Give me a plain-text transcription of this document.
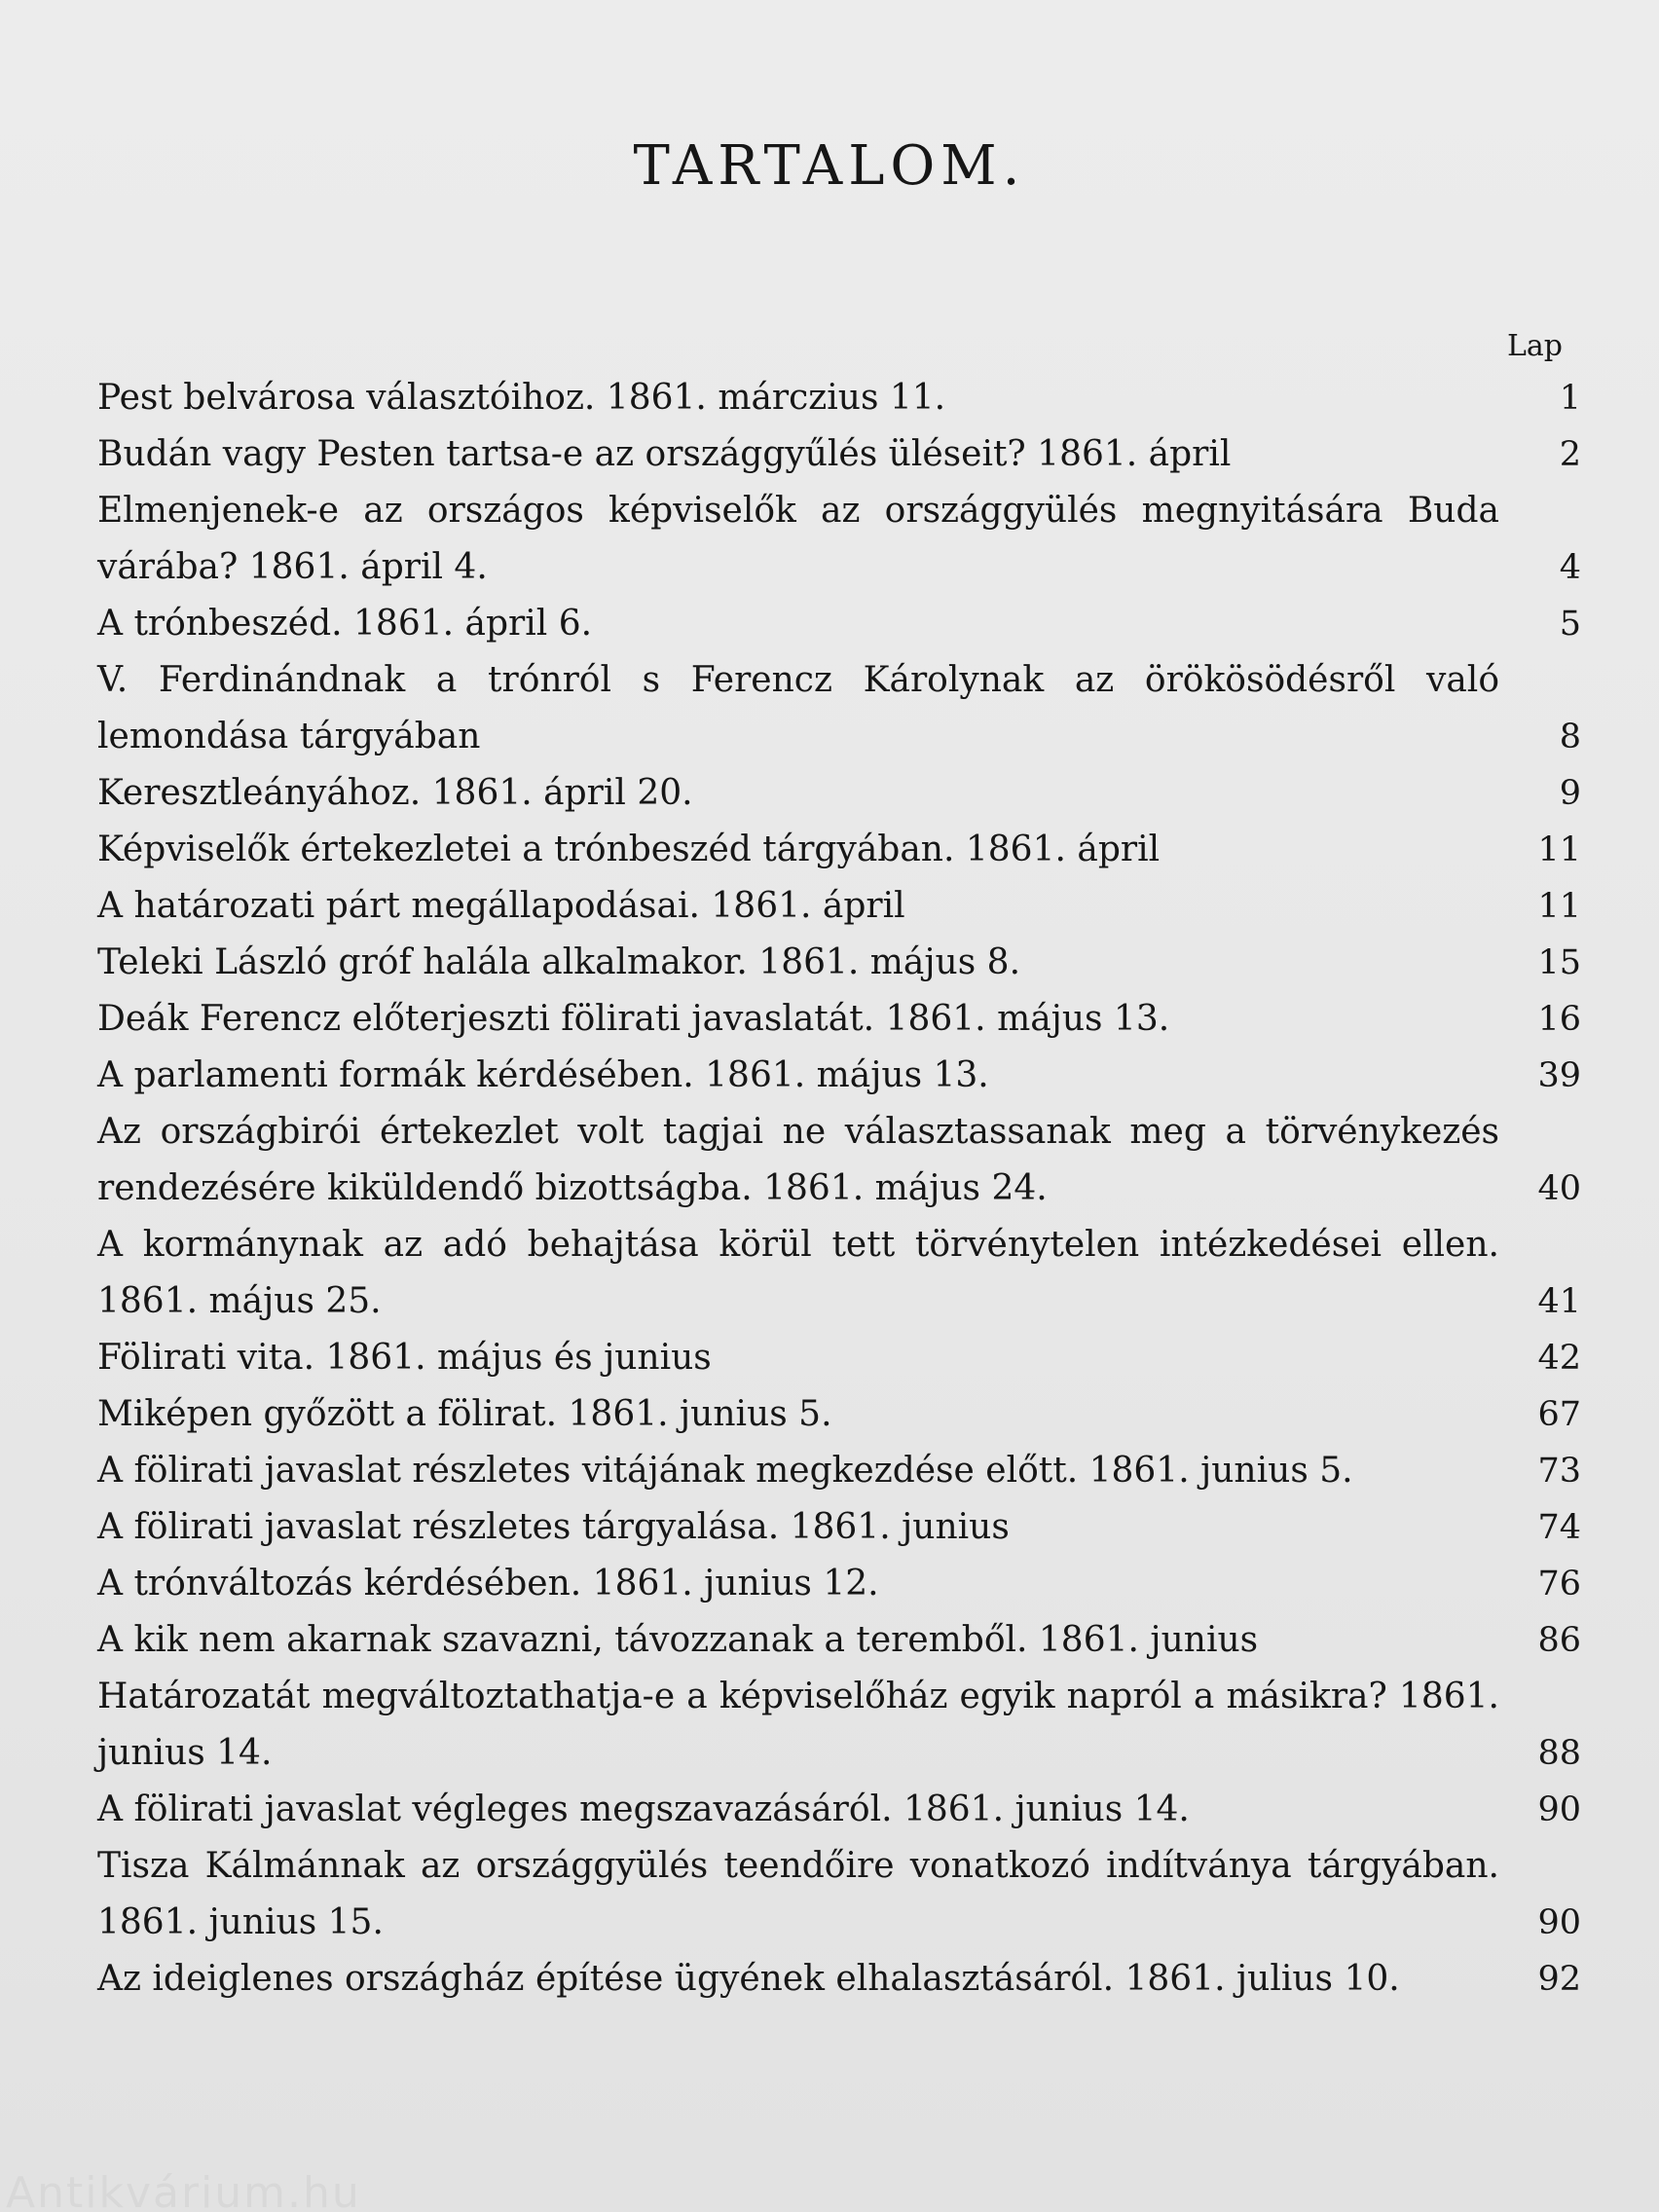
TARTALOM.
Lap
Pest belvárosa választóihoz. 1861. márczius 11.	1
Budán vagy Pesten tartsa-e az országgyűlés üléseit? 1861. ápril	2
Elmenjenek-e az országos képviselők az országgyülés megnyitására Buda várába? 1861. ápril 4.	4
A trónbeszéd. 1861. ápril 6.	5
V. Ferdinándnak a trónról s Ferencz Károlynak az örökösödésről való lemondása tárgyában	8
Keresztleányához. 1861. ápril 20.	9
Képviselők értekezletei a trónbeszéd tárgyában. 1861. ápril	11
A határozati párt megállapodásai. 1861. ápril	11
Teleki László gróf halála alkalmakor. 1861. május 8.	15
Deák Ferencz előterjeszti fölirati javaslatát. 1861. május 13.	16
A parlamenti formák kérdésében. 1861. május 13.	39
Az országbirói értekezlet volt tagjai ne választassanak meg a törvénykezés rendezésére kiküldendő bizottságba. 1861. május 24.	40
A kormánynak az adó behajtása körül tett törvénytelen intézkedései ellen. 1861. május 25.	41
Fölirati vita. 1861. május és junius	42
Miképen győzött a fölirat. 1861. junius 5.	67
A fölirati javaslat részletes vitájának megkezdése előtt. 1861. junius 5.	73
A fölirati javaslat részletes tárgyalása. 1861. junius	74
A trónváltozás kérdésében. 1861. junius 12.	76
A kik nem akarnak szavazni, távozzanak a teremből. 1861. junius	86
Határozatát megváltoztathatja-e a képviselőház egyik napról a másikra? 1861. junius 14.	88
A fölirati javaslat végleges megszavazásáról. 1861. junius 14.	90
Tisza Kálmánnak az országgyülés teendőire vonatkozó indítványa tárgyában. 1861. junius 15.	90
Az ideiglenes országház építése ügyének elhalasztásáról. 1861. julius 10.	92
Antikvárium.hu
